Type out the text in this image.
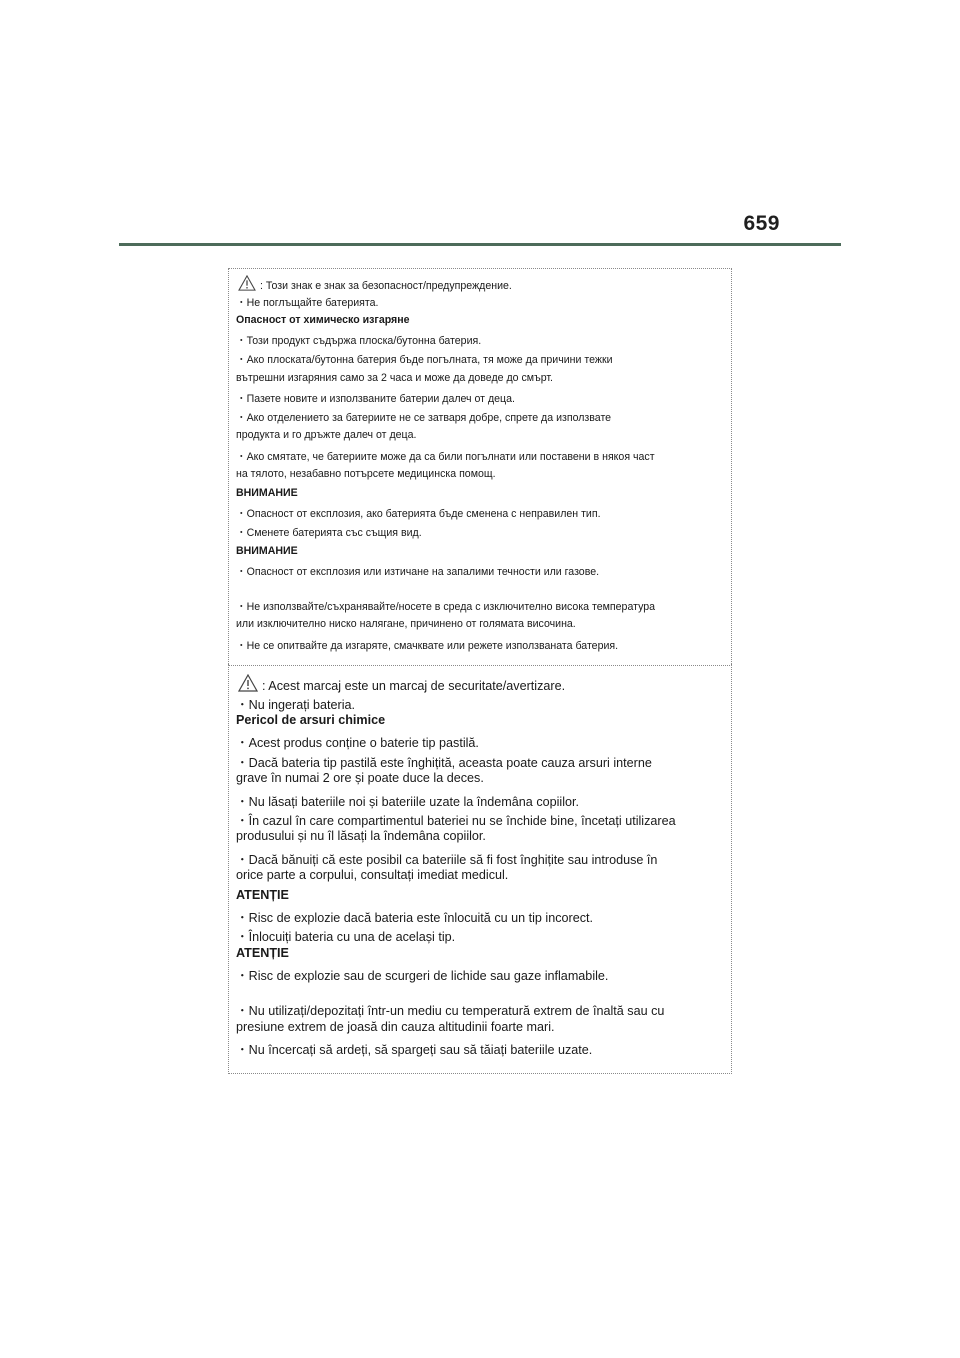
659
: Този знак е знак за безопасност/предупреждение.
・Не поглъщайте батерията.
Опасност от химическо изгаряне
・Този продукт съдържа плоска/бутонна батерия.
・Ако плоската/бутонна батерия бъде погълната, тя може да причини тежки
вътрешни изгаряния само за 2 часа и може да доведе до смърт.
・Пазете новите и използваните батерии далеч от деца.
・Ако отделението за батериите не се затваря добре, спрете да използвате
продукта и го дръжте далеч от деца.
・Ако смятате, че батериите може да са били погълнати или поставени в някоя част
на тялото, незабавно потърсете медицинска помощ.
ВНИМАНИЕ
・Опасност от експлозия, ако батерията бъде сменена с неправилен тип.
・Сменете батерията със същия вид.
ВНИМАНИЕ
・Опасност от експлозия или изтичане на запалими течности или газове.
・Не използвайте/съхранявайте/носете в среда с изключително висока температура
или изключително ниско налягане, причинено от голямата височина.
・Не се опитвайте да изгаряте, смачквате или режете използваната батерия.
: Acest marcaj este un marcaj de securitate/avertizare.
・Nu ingerați bateria.
Pericol de arsuri chimice
・Acest produs conține o baterie tip pastilă.
・Dacă bateria tip pastilă este înghițită, aceasta poate cauza arsuri interne
grave în numai 2 ore și poate duce la deces.
・Nu lăsați bateriile noi și bateriile uzate la îndemâna copiilor.
・În cazul în care compartimentul bateriei nu se închide bine, încetați utilizarea
produsului și nu îl lăsați la îndemâna copiilor.
・Dacă bănuiți că este posibil ca bateriile să fi fost înghițite sau introduse în
orice parte a corpului, consultați imediat medicul.
ATENȚIE
・Risc de explozie dacă bateria este înlocuită cu un tip incorect.
・Înlocuiți bateria cu una de același tip.
ATENȚIE
・Risc de explozie sau de scurgeri de lichide sau gaze inflamabile.
・Nu utilizați/depozitați într-un mediu cu temperatură extrem de înaltă sau cu
presiune extrem de joasă din cauza altitudinii foarte mari.
・Nu încercați să ardeți, să spargeți sau să tăiați bateriile uzate.
